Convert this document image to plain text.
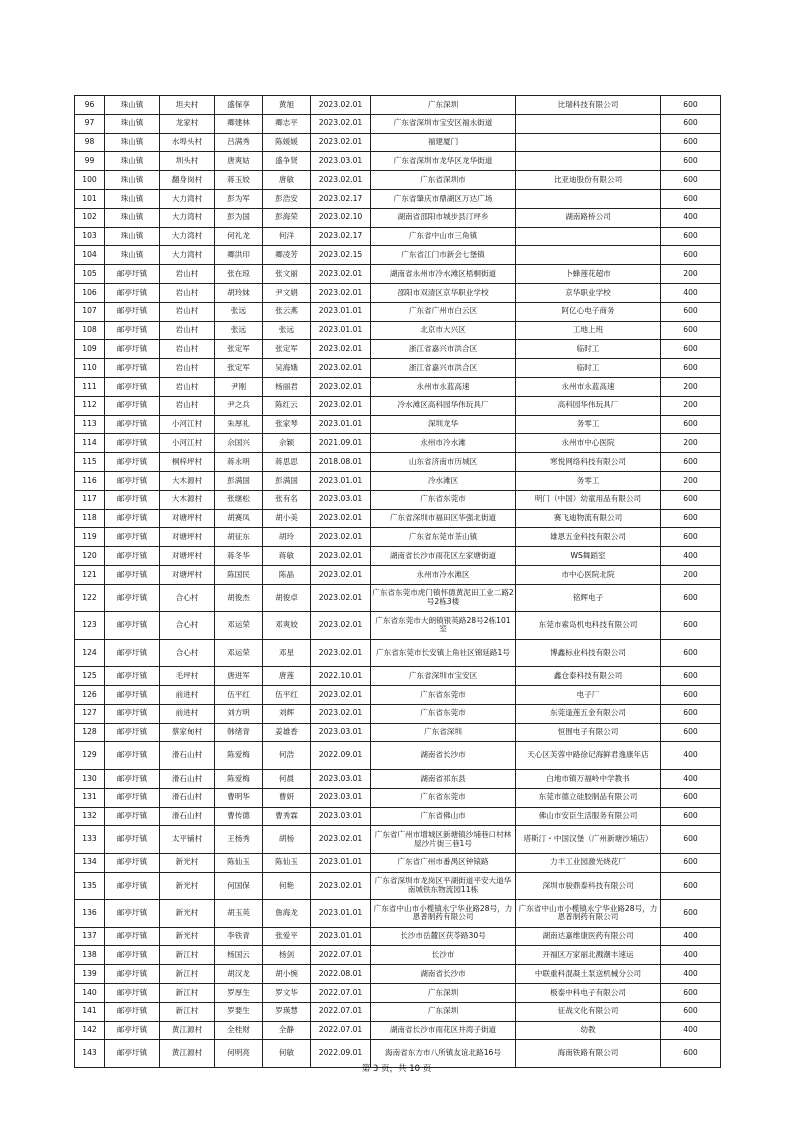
96	珠山镇	坦夫村	盛保享	黄旭	2023.02.01	广东深圳	比瑞科技有限公司	600
97	珠山镇	龙家村	卿建林	卿志平	2023.02.01	广东省深圳市宝安区福永街道		600
98	珠山镇	水埠头村	吕满秀	陈媛媛	2023.02.01	福建厦门		600
99	珠山镇	圳头村	唐爽姑	盛争贤	2023.03.01	广东省深圳市龙华区龙华街道		600
100	珠山镇	翻身岗村	蒋玉姣	唐敏	2023.02.01	广东省深圳市	比亚迪股份有限公司	600
101	珠山镇	大力湾村	彭为军	彭浩安	2023.02.17	广东省肇庆市鼎湖区万达广场		600
102	珠山镇	大力湾村	彭为国	彭海荣	2023.02.10	湖南省邵阳市城步县汀坪乡	湖南路桥公司	400
103	珠山镇	大力湾村	何礼龙	何洋	2023.02.17	广东省中山市三角镇		600
104	珠山镇	大力湾村	卿洪印	卿凌芳	2023.02.15	广东省江门市新会七堡镇		600
105	邮亭圩镇	岩山村	张在琼	张文丽	2023.02.01	湖南省永州市冷水滩区梧桐街道	卜蜂莲花超市	200
106	邮亭圩镇	岩山村	胡玲妹	尹文娟	2023.02.01	邵阳市双清区京华职业学校	京华职业学校	400
107	邮亭圩镇	岩山村	张远	张云燕	2023.01.01	广东省广州市白云区	阿亿心电子商务	600
108	邮亭圩镇	岩山村	张远	张远	2023.01.01	北京市大兴区	工地上班	600
109	邮亭圩镇	岩山村	张定军	张定军	2023.02.01	浙江省嘉兴市洪合区	临时工	600
110	邮亭圩镇	岩山村	张定军	吴海娥	2023.02.01	浙江省嘉兴市洪合区	临时工	600
111	邮亭圩镇	岩山村	尹刚	杨丽君	2023.02.01	永州市永蓝高速	永州市永蓝高速	200
112	邮亭圩镇	岩山村	尹之兵	陈红云	2023.02.01	冷水滩区高科园华伟玩具厂	高科园华伟玩具厂	200
113	邮亭圩镇	小河江村	朱厚礼	张家琴	2023.01.01	深圳龙华	务零工	600
114	邮亭圩镇	小河江村	佘国兴	佘颖	2021.09.01	永州市冷水滩	永州市中心医院	200
115	邮亭圩镇	桐梓坪村	蒋永明	蒋思思	2018.08.01	山东省济南市历城区	寒悦网络科技有限公司	600
116	邮亭圩镇	大木源村	彭满国	彭满国	2023.01.01	冷水滩区	务零工	200
117	邮亭圩镇	大木源村	张继松	张有名	2023.03.01	广东省东莞市	明门（中国）幼童用品有限公司	600
118	邮亭圩镇	对塘坪村	胡赛凤	胡小美	2023.02.01	广东省深圳市福田区华强北街道	赛飞迪物流有限公司	600
119	邮亭圩镇	对塘坪村	胡征东	胡玲	2023.02.01	广东省东莞市茶山镇	雄恩五金科技有限公司	600
120	邮亭圩镇	对塘坪村	蒋冬华	蒋敏	2023.02.01	湖南省长沙市雨花区左家塘街道	WS舞蹈室	400
121	邮亭圩镇	对塘坪村	陈国民	陈晶	2023.02.01	永州市冷水滩区	市中心医院北院	200
122	邮亭圩镇	合心村	胡俊杰	胡俊卓	2023.02.01	广东省东莞市虎门镇怀德黄泥田工业二路2号2栋3楼	铭辉电子	600
123	邮亭圩镇	合心村	邓运荣	邓爽姣	2023.02.01	广东省东莞市大朗镇银英路28号2栋101室	东莞市索岛机电科技有限公司	600
124	邮亭圩镇	合心村	邓运荣	邓星	2023.02.01	广东省东莞市长安镇上角社区锦延路1号	博鑫标业科技有限公司	600
125	邮亭圩镇	毛坪村	唐进军	唐莲	2022.10.01	广东省深圳市宝安区	鑫仓泰科技有限公司	600
126	邮亭圩镇	前进村	伍平红	伍平红	2023.02.01	广东省东莞市	电子厂	600
127	邮亭圩镇	前进村	刘方明	刘辉	2023.02.01	广东省东莞市	东莞逢莲五金有限公司	600
128	邮亭圩镇	蔡家甸村	韩绪青	姜雄香	2023.03.01	广东省深圳	恒围电子有限公司	600
129	邮亭圩镇	滑石山村	陈爱梅	何浩	2022.09.01	湖南省长沙市	天心区芙蓉中路徐记海鲜君逸康年店	400
130	邮亭圩镇	滑石山村	陈爱梅	何晨	2023.03.01	湖南省祁东县	白地市镇万福岭中学教书	400
131	邮亭圩镇	滑石山村	曹明华	曹妍	2023.03.01	广东省东莞市	东莞市德立硅胶制品有限公司	600
132	邮亭圩镇	滑石山村	曹传德	曹秀霖	2023.03.01	广东省佛山市	佛山市安臣生活服务有限公司	600
133	邮亭圩镇	太平铺村	王杨秀	胡杨	2023.02.01	广东省广州市增城区新塘镇沙埔巷口村林屋沙片街三巷1号	塔斯汀・中国汉堡（广州新塘沙埔店）	600
134	邮亭圩镇	新光村	陈仙玉	陈仙玉	2023.01.01	广东省广州市番禺区钟锿路	力丰工业园激光烧花厂	600
135	邮亭圩镇	新光村	何国保	何艳	2023.02.01	广东省深圳市龙岗区平湖街道平安大道华南城铁东物流园11栋	深圳市骏鼎泰科技有限公司	600
136	邮亭圩镇	新光村	胡玉英	詹海龙	2023.01.01	广东省中山市小榄镇永宁华业路28号，力恩普制药有限公司	广东省中山市小榄镇永宁华业路28号，力恩普制药有限公司	600
137	邮亭圩镇	新光村	李铁青	张爱平	2023.01.01	长沙市岳麓区茯苓路30号	湖南达嘉维康医药有限公司	400
138	邮亭圩镇	新江村	杨国云	杨剑	2022.07.01	长沙市	开福区万家丽北溅潮丰速运	400
139	邮亭圩镇	新江村	胡汉龙	胡小惋	2022.08.01	湖南省长沙市	中联重科混凝土泵送机械分公司	400
140	邮亭圩镇	新江村	罗厚生	罗文华	2022.07.01	广东深圳	极泰中科电子有限公司	600
141	邮亭圩镇	新江村	罗要生	罗瑛慧	2022.07.01	广东深圳	征战文化有限公司	600
142	邮亭圩镇	黄江源村	全桂财	全静	2022.07.01	湖南省长沙市雨花区井湾子街道	幼教	400
143	邮亭圩镇	黄江源村	何明亮	何敏	2022.09.01	海南省东方市八所镇友谊北路16号	海南铁路有限公司	600
第 3 页，共 10 页
